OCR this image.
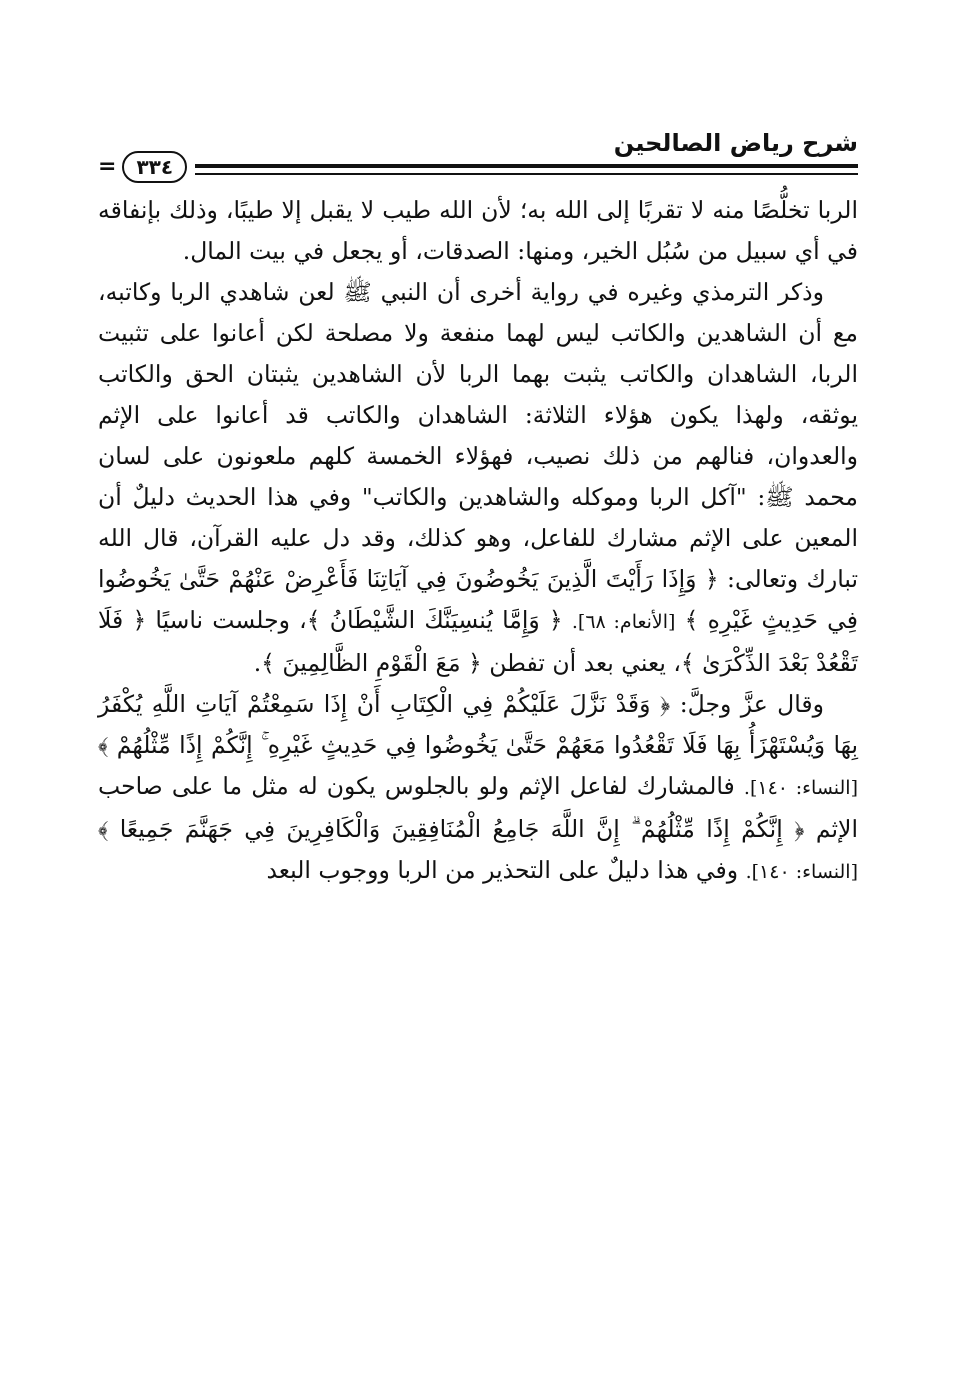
شرح رياض الصالحين
=	٣٣٤

الربا تخلُّصًا منه لا تقربًا إلى الله به؛ لأن الله طيب لا يقبل إلا طيبًا، وذلك بإنفاقه في أي سبيل من سُبُل الخير، ومنها: الصدقات، أو يجعل في بيت المال.

وذكر الترمذي وغيره في رواية أخرى أن النبي ﷺ لعن شاهدي الربا وكاتبه، مع أن الشاهدين والكاتب ليس لهما منفعة ولا مصلحة لكن أعانوا على تثبيت الربا، الشاهدان والكاتب يثبت بهما الربا لأن الشاهدين يثبتان الحق والكاتب يوثقه، ولهذا يكون هؤلاء الثلاثة: الشاهدان والكاتب قد أعانوا على الإثم والعدوان، فنالهم من ذلك نصيب، فهؤلاء الخمسة كلهم ملعونون على لسان محمد ﷺ: "آكل الربا وموكله والشاهدين والكاتب" وفي هذا الحديث دليلٌ أن المعين على الإثم مشارك للفاعل، وهو كذلك، وقد دل عليه القرآن، قال الله تبارك وتعالى: ﴿ وَإِذَا رَأَيْتَ الَّذِينَ يَخُوضُونَ فِي آيَاتِنَا فَأَعْرِضْ عَنْهُمْ حَتَّىٰ يَخُوضُوا فِي حَدِيثٍ غَيْرِهِ ﴾ [الأنعام: ٦٨]. ﴿ وَإِمَّا يُنسِيَنَّكَ الشَّيْطَانُ ﴾، وجلست ناسيًا ﴿ فَلَا تَقْعُدْ بَعْدَ الذِّكْرَىٰ ﴾، يعني بعد أن تفطن ﴿ مَعَ الْقَوْمِ الظَّالِمِينَ ﴾.

وقال عزَّ وجلَّ: ﴿ وَقَدْ نَزَّلَ عَلَيْكُمْ فِي الْكِتَابِ أَنْ إِذَا سَمِعْتُمْ آيَاتِ اللَّهِ يُكْفَرُ بِهَا وَيُسْتَهْزَأُ بِهَا فَلَا تَقْعُدُوا مَعَهُمْ حَتَّىٰ يَخُوضُوا فِي حَدِيثٍ غَيْرِهِ ۚ إِنَّكُمْ إِذًا مِّثْلُهُمْ ﴾ [النساء: ١٤٠]. فالمشارك لفاعل الإثم ولو بالجلوس يكون له مثل ما على صاحب الإثم ﴿ إِنَّكُمْ إِذًا مِّثْلُهُمْ ۗ إِنَّ اللَّهَ جَامِعُ الْمُنَافِقِينَ وَالْكَافِرِينَ فِي جَهَنَّمَ جَمِيعًا ﴾ [النساء: ١٤٠]. وفي هذا دليلٌ على التحذير من الربا ووجوب البعد
